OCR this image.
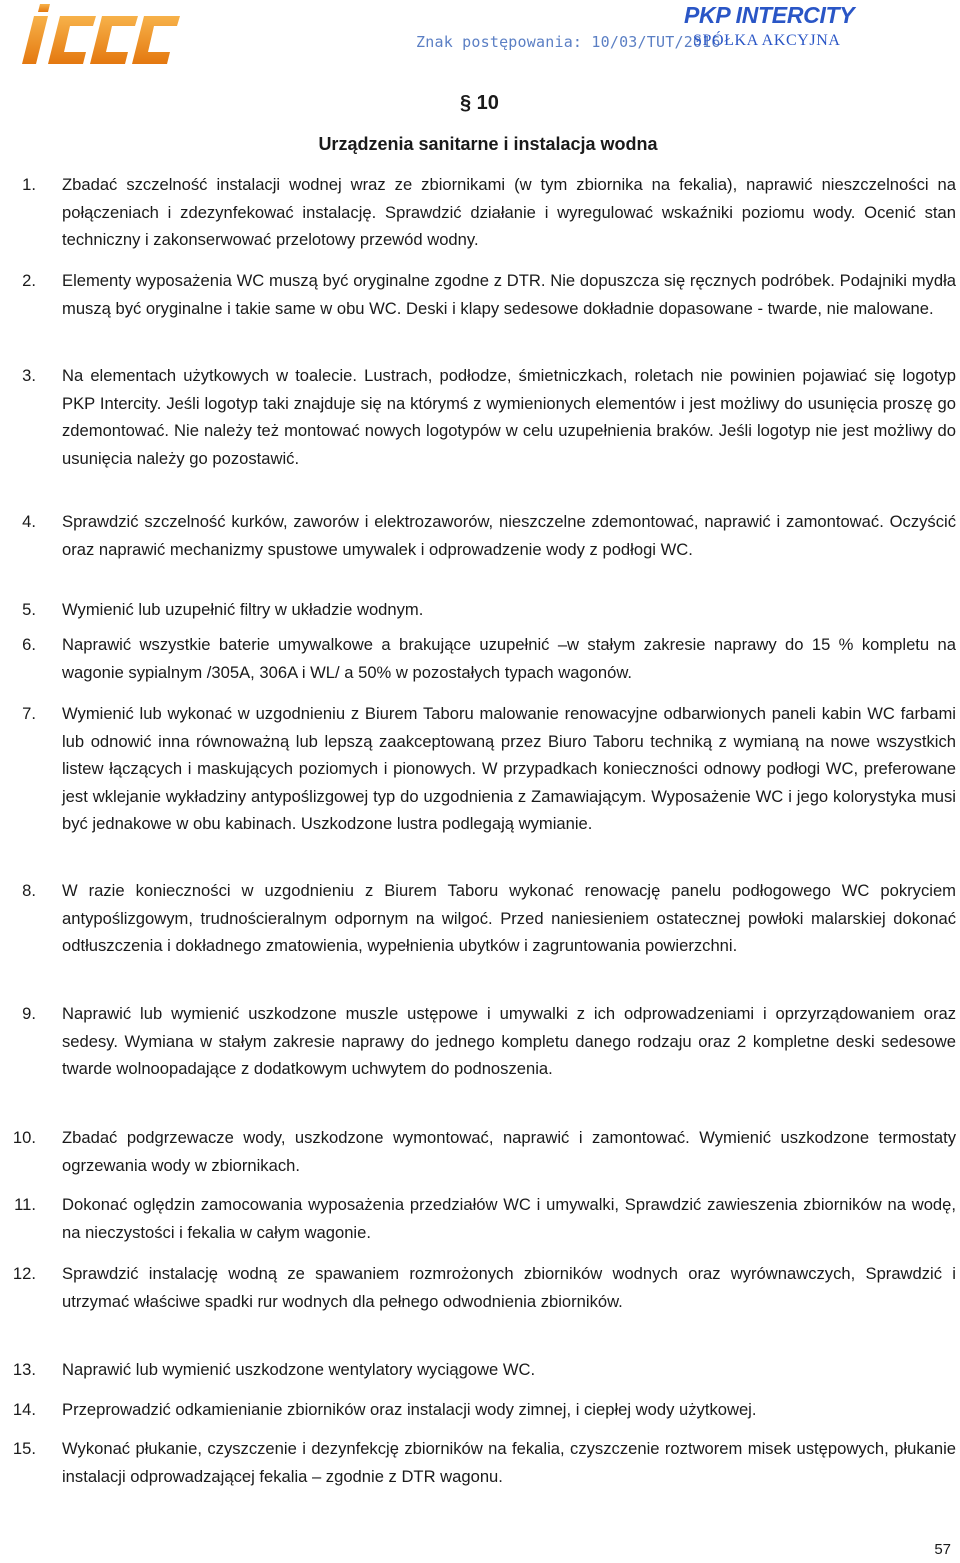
Znak postępowania: 10/03/TUT/2016
PKP INTERCITY
SPÓŁKA AKCYJNA
§ 10
Urządzenia sanitarne i instalacja wodna
1. Zbadać szczelność instalacji wodnej wraz ze zbiornikami (w tym zbiornika na fekalia), naprawić nieszczelności na połączeniach i zdezynfekować instalację. Sprawdzić działanie i wyregulować wskaźniki poziomu wody. Ocenić stan techniczny i zakonserwować przelotowy przewód wodny.
2. Elementy wyposażenia WC muszą być oryginalne zgodne z DTR. Nie dopuszcza się ręcznych podróbek. Podajniki mydła muszą być oryginalne i takie same w obu WC. Deski i klapy sedesowe dokładnie dopasowane - twarde, nie malowane.
3. Na elementach użytkowych w toalecie. Lustrach, podłodze, śmietniczkach, roletach nie powinien pojawiać się logotyp PKP Intercity. Jeśli logotyp taki znajduje się na którymś z wymienionych elementów i jest możliwy do usunięcia proszę go zdemontować. Nie należy też montować nowych logotypów w celu uzupełnienia braków. Jeśli logotyp nie jest możliwy do usunięcia należy go pozostawić.
4. Sprawdzić szczelność kurków, zaworów i elektrozaworów, nieszczelne zdemontować, naprawić i zamontować. Oczyścić oraz naprawić mechanizmy spustowe umywalek i odprowadzenie wody z podłogi WC.
5. Wymienić lub uzupełnić filtry w układzie wodnym.
6. Naprawić wszystkie baterie umywalkowe a brakujące uzupełnić –w stałym zakresie naprawy do 15 % kompletu na wagonie sypialnym /305A, 306A i WL/ a 50% w pozostałych typach wagonów.
7. Wymienić lub wykonać w uzgodnieniu z Biurem Taboru malowanie renowacyjne odbarwionych paneli kabin WC farbami lub odnowić inna równoważną lub lepszą zaakceptowaną przez Biuro Taboru techniką z wymianą na nowe wszystkich listew łączących i maskujących poziomych i pionowych. W przypadkach konieczności odnowy podłogi WC, preferowane jest wklejanie wykładziny antypoślizgowej typ do uzgodnienia z Zamawiającym. Wyposażenie WC i jego kolorystyka musi być jednakowe w obu kabinach. Uszkodzone lustra podlegają wymianie.
8. W razie konieczności w uzgodnieniu z Biurem Taboru wykonać renowację panelu podłogowego WC pokryciem antypoślizgowym, trudnościeralnym odpornym na wilgoć. Przed naniesieniem ostatecznej powłoki malarskiej dokonać odtłuszczenia i dokładnego zmatowienia, wypełnienia ubytków i zagruntowania powierzchni.
9. Naprawić lub wymienić uszkodzone muszle ustępowe i umywalki z ich odprowadzeniami i oprzyrządowaniem oraz sedesy. Wymiana w stałym zakresie naprawy do jednego kompletu danego rodzaju oraz 2 kompletne deski sedesowe twarde wolnoopadające z dodatkowym uchwytem do podnoszenia.
10. Zbadać podgrzewacze wody, uszkodzone wymontować, naprawić i zamontować. Wymienić uszkodzone termostaty ogrzewania wody w zbiornikach.
11. Dokonać oględzin zamocowania wyposażenia przedziałów WC i umywalki, Sprawdzić zawieszenia zbiorników na wodę, na nieczystości i fekalia w całym wagonie.
12. Sprawdzić instalację wodną ze spawaniem rozmrożonych zbiorników wodnych oraz wyrównawczych, Sprawdzić i utrzymać właściwe spadki rur wodnych dla pełnego odwodnienia zbiorników.
13. Naprawić lub wymienić uszkodzone wentylatory wyciągowe WC.
14. Przeprowadzić odkamienianie zbiorników oraz instalacji wody zimnej, i ciepłej wody użytkowej.
15. Wykonać płukanie, czyszczenie i dezynfekcję zbiorników na fekalia, czyszczenie roztworem misek ustępowych, płukanie instalacji odprowadzającej fekalia – zgodnie z DTR wagonu.
57
